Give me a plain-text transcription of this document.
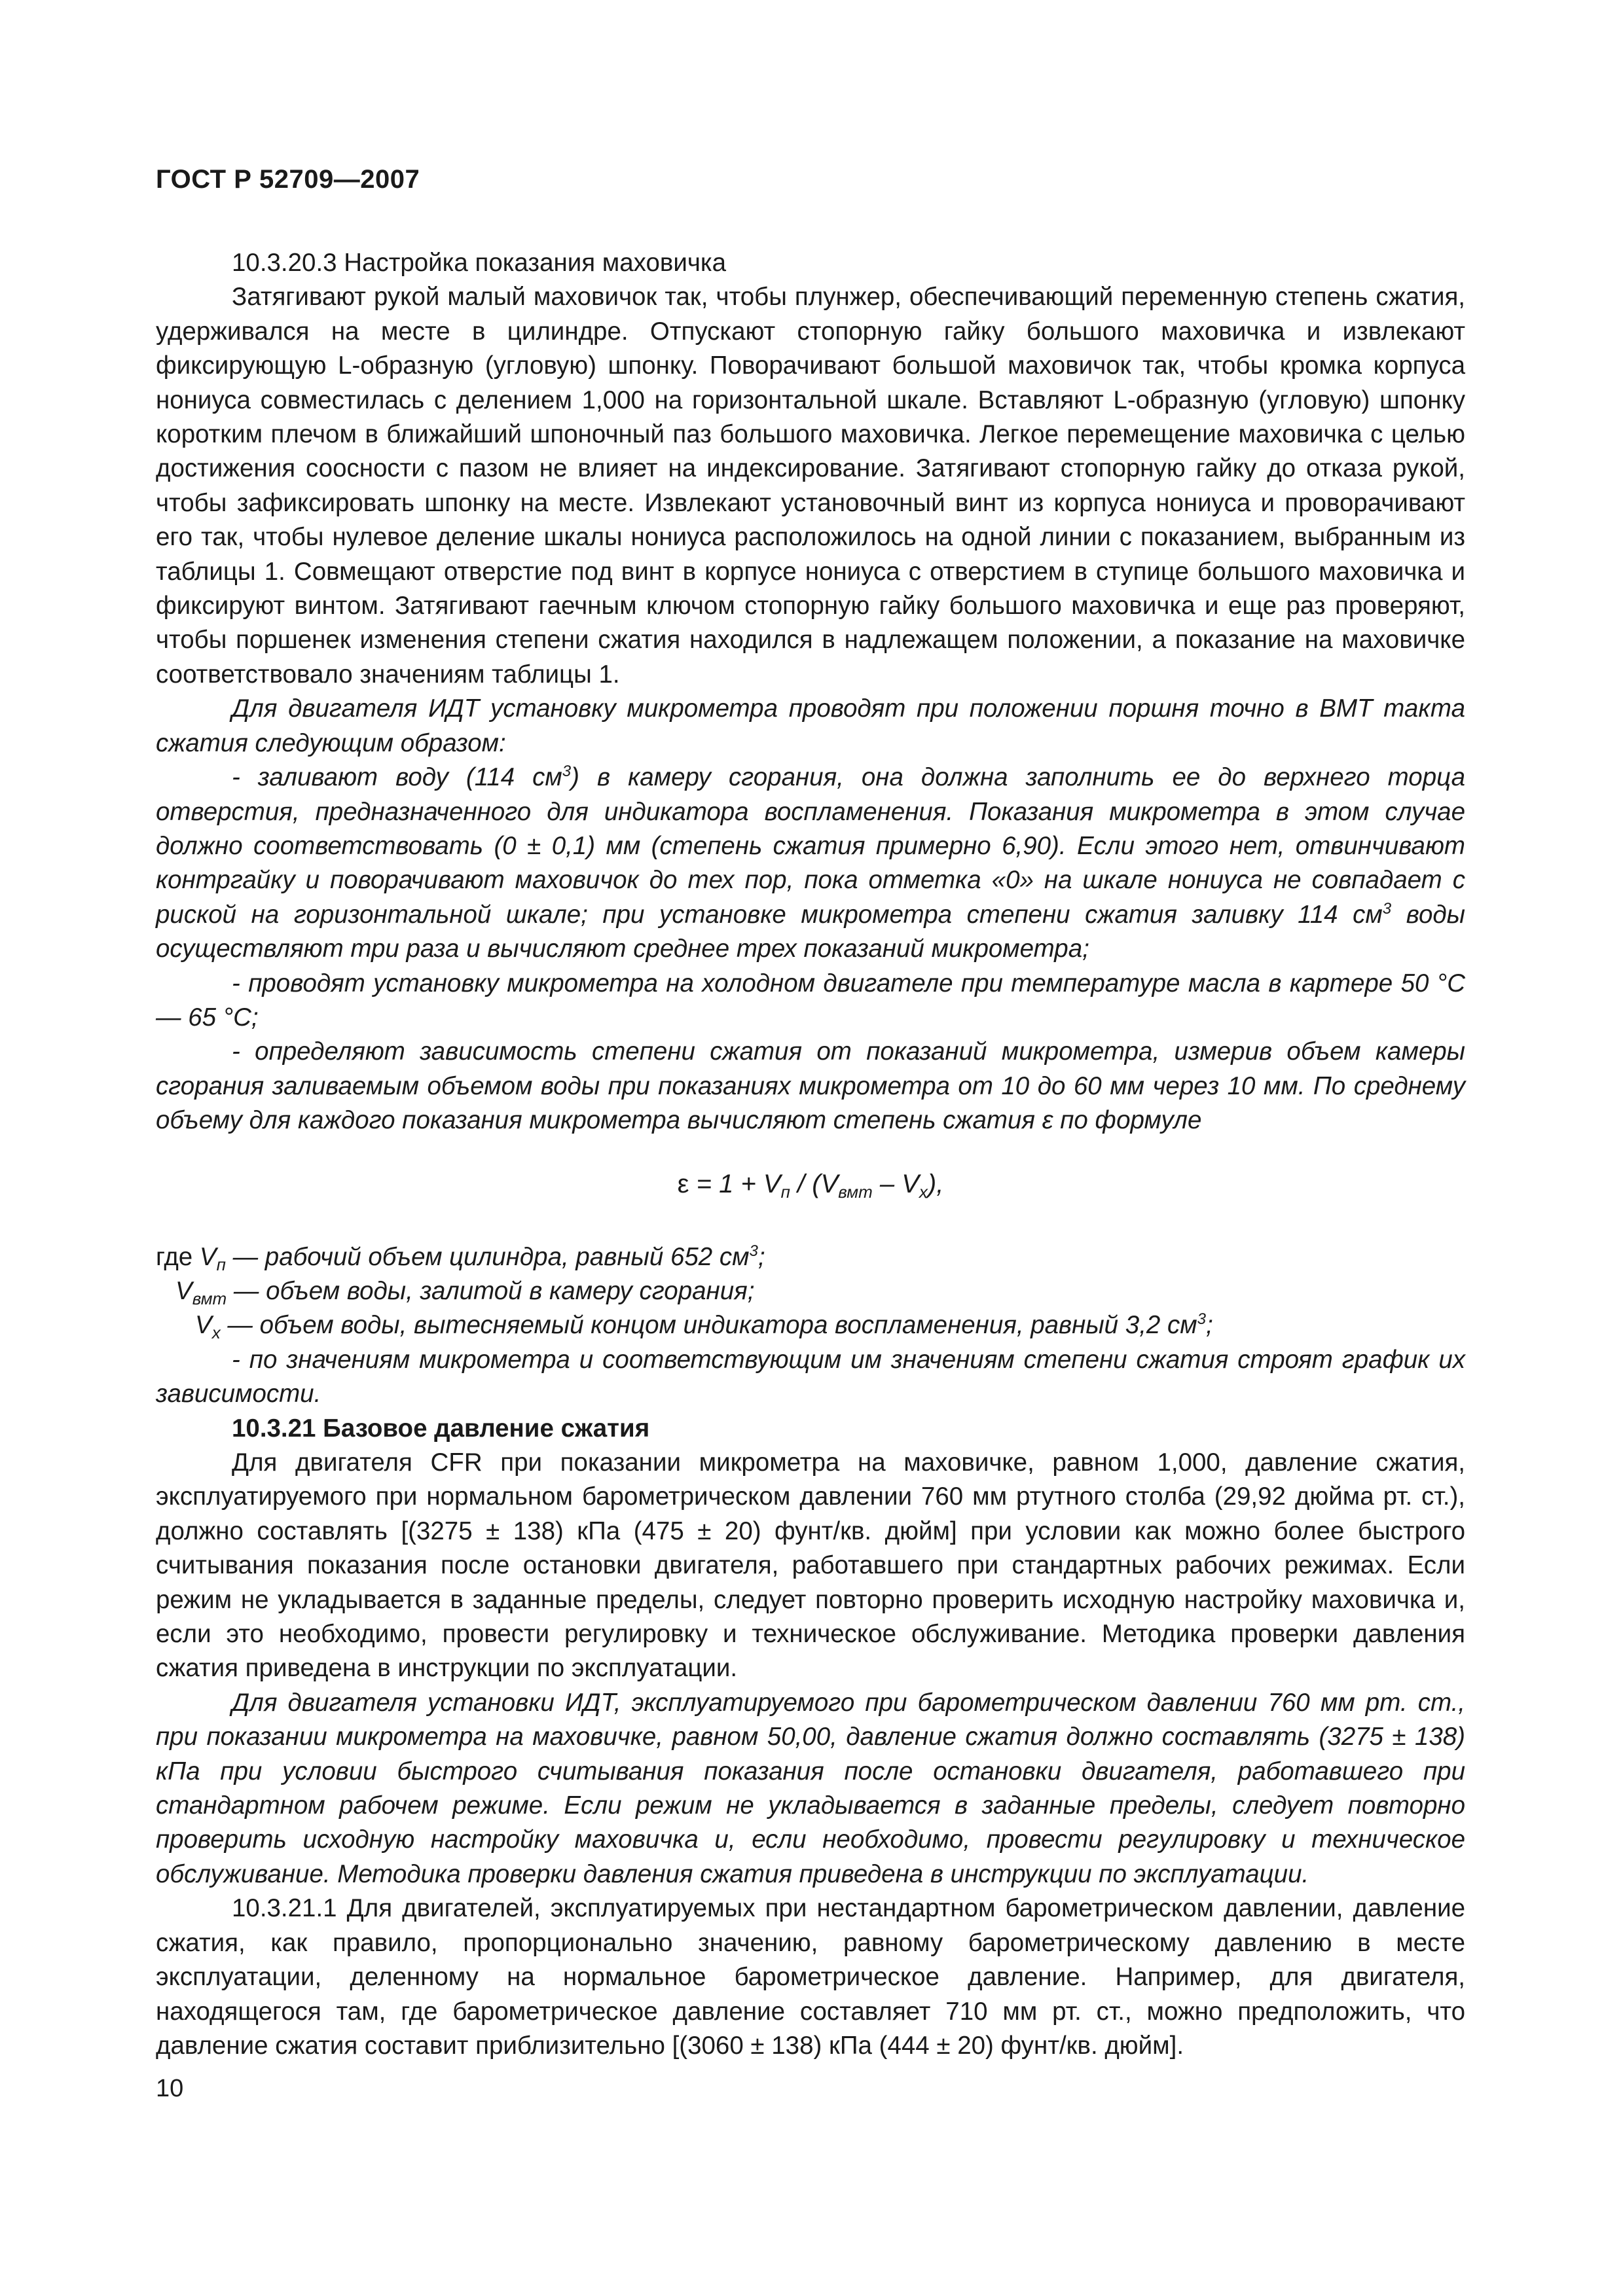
ГОСТ Р 52709—2007

10.3.20.3 Настройка показания маховичка

Затягивают рукой малый маховичок так, чтобы плунжер, обеспечивающий переменную степень сжатия, удерживался на месте в цилиндре. Отпускают стопорную гайку большого маховичка и извлекают фиксирующую L-образную (угловую) шпонку. Поворачивают большой маховичок так, чтобы кромка корпуса нониуса совместилась с делением 1,000 на горизонтальной шкале. Вставляют L-образную (угловую) шпонку коротким плечом в ближайший шпоночный паз большого маховичка. Легкое перемещение маховичка с целью достижения соосности с пазом не влияет на индексирование. Затягивают стопорную гайку до отказа рукой, чтобы зафиксировать шпонку на месте. Извлекают установочный винт из корпуса нониуса и проворачивают его так, чтобы нулевое деление шкалы нониуса расположилось на одной линии с показанием, выбранным из таблицы 1. Совмещают отверстие под винт в корпусе нониуса с отверстием в ступице большого маховичка и фиксируют винтом. Затягивают гаечным ключом стопорную гайку большого маховичка и еще раз проверяют, чтобы поршенек изменения степени сжатия находился в надлежащем положении, а показание на маховичке соответствовало значениям таблицы 1.

Для двигателя ИДТ установку микрометра проводят при положении поршня точно в ВМТ такта сжатия следующим образом:

- заливают воду (114 $см^3$) в камеру сгорания, она должна заполнить ее до верхнего торца отверстия, предназначенного для индикатора воспламенения. Показания микрометра в этом случае должно соответствовать (0 ± 0,1) мм (степень сжатия примерно 6,90). Если этого нет, отвинчивают контргайку и поворачивают маховичок до тех пор, пока отметка «0» на шкале нониуса не совпадает с риской на горизонтальной шкале; при установке микрометра степени сжатия заливку 114 $см^3$ воды осуществляют три раза и вычисляют среднее трех показаний микрометра;

- проводят установку микрометра на холодном двигателе при температуре масла в картере 50 °С — 65 °С;

- определяют зависимость степени сжатия от показаний микрометра, измерив объем камеры сгорания заливаемым объемом воды при показаниях микрометра от 10 до 60 мм через 10 мм. По среднему объему для каждого показания микрометра вычисляют степень сжатия ε по формуле

$\varepsilon = 1 + V_п / (V_{вмт} - V_x)$,

где $V_п$ — рабочий объем цилиндра, равный 652 $см^3$;

$V_{вмт}$ — объем воды, залитой в камеру сгорания;

$V_x$ — объем воды, вытесняемый концом индикатора воспламенения, равный 3,2 $см^3$;

- по значениям микрометра и соответствующим им значениям степени сжатия строят график их зависимости.

10.3.21 Базовое давление сжатия

Для двигателя CFR при показании микрометра на маховичке, равном 1,000, давление сжатия, эксплуатируемого при нормальном барометрическом давлении 760 мм ртутного столба (29,92 дюйма рт. ст.), должно составлять [(3275 ± 138) кПа (475 ± 20) фунт/кв. дюйм] при условии как можно более быстрого считывания показания после остановки двигателя, работавшего при стандартных рабочих режимах. Если режим не укладывается в заданные пределы, следует повторно проверить исходную настройку маховичка и, если это необходимо, провести регулировку и техническое обслуживание. Методика проверки давления сжатия приведена в инструкции по эксплуатации.

Для двигателя установки ИДТ, эксплуатируемого при барометрическом давлении 760 мм рт. ст., при показании микрометра на маховичке, равном 50,00, давление сжатия должно составлять (3275 ± 138) кПа при условии быстрого считывания показания после остановки двигателя, работавшего при стандартном рабочем режиме. Если режим не укладывается в заданные пределы, следует повторно проверить исходную настройку маховичка и, если необходимо, провести регулировку и техническое обслуживание. Методика проверки давления сжатия приведена в инструкции по эксплуатации.

10.3.21.1 Для двигателей, эксплуатируемых при нестандартном барометрическом давлении, давление сжатия, как правило, пропорционально значению, равному барометрическому давлению в месте эксплуатации, деленному на нормальное барометрическое давление. Например, для двигателя, находящегося там, где барометрическое давление составляет 710 мм рт. ст., можно предположить, что давление сжатия составит приблизительно [(3060 ± 138) кПа (444 ± 20) фунт/кв. дюйм].

10
